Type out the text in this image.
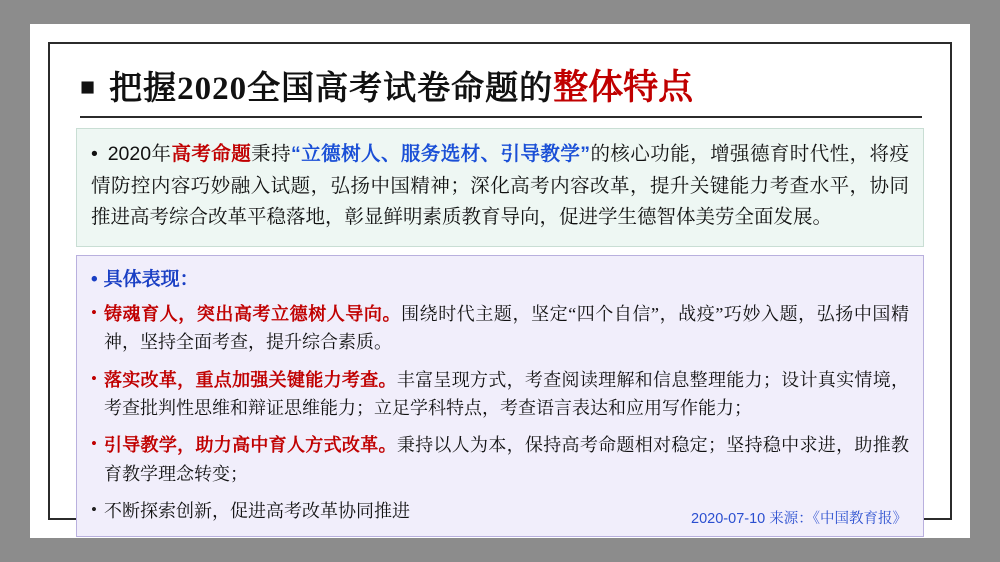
■ 把握2020全国高考试卷命题的 整体特点
• 2020年高考命题秉持“立德树人、服务选材、引导教学”的核心功能，增强德育时代性，将疫情防控内容巧妙融入试题，弘扬中国精神；深化高考内容改革，提升关键能力考查水平，协同推进高考综合改革平稳落地，彰显鲜明素质教育导向，促进学生德智体美劳全面发展。
• 具体表现：
• 铸魂育人，突出高考立德树人导向。围绕时代主题，坚定“四个自信”，战疫”巧妙入题，弘扬中国精神，坚持全面考查，提升综合素质。
• 落实改革，重点加强关键能力考查。丰富呈现方式，考查阅读理解和信息整理能力；设计真实情境，考查批判性思维和辩证思维能力；立足学科特点，考查语言表达和应用写作能力；
• 引导教学，助力高中育人方式改革。秉持以人为本，保持高考命题相对稳定；坚持稳中求进，助推教育教学理念转变；
• 不断探索创新，促进高考改革协同推进	2020-07-10 来源：《中国教育报》
